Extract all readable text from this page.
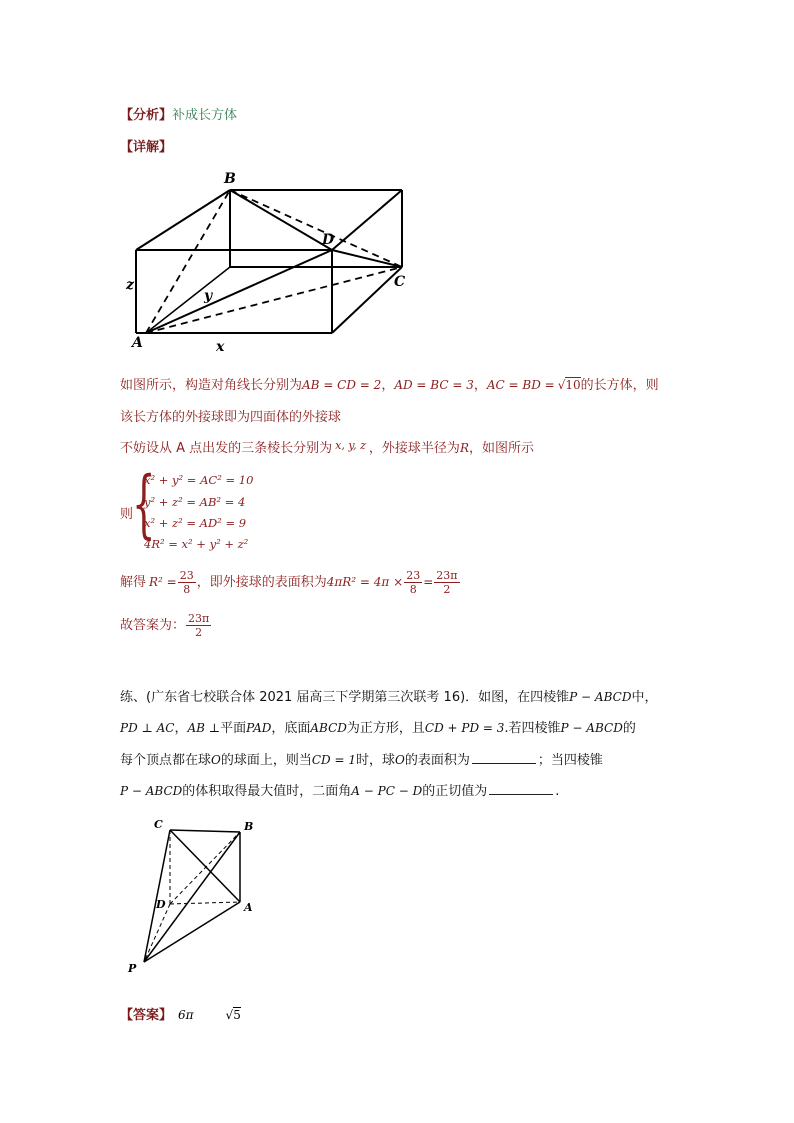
【分析】补成长方体
【详解】
B
D
C
A	x
y
z
如图所示，构造对角线长分别为AB = CD = 2，AD = BC = 3，AC = BD = √10的长方体，则
该长方体的外接球即为四面体的外接球
不妨设从 A 点出发的三条棱长分别为 $^{x, y, z}$ ，外接球半径为R，如图所示
则
{
x² + y² = AC² = 10
y² + z² = AB² = 4
x² + z² = AD² = 9
4R² = x² + y² + z²
解得 $R^2 = \frac{23}{8}$ ，即外接球的表面积为$4\pi R^2 = 4\pi \times \frac{23}{8} = \frac{23\pi}{2}$
故答案为： $\frac{23\pi}{2}$
练、(广东省七校联合体 2021 届高三下学期第三次联考 16)．如图，在四棱锥P − ABCD中，
PD ⊥ AC，AB ⊥平面PAD，底面ABCD为正方形，且CD + PD = 3.若四棱锥P − ABCD的
每个顶点都在球O的球面上，则当CD = 1时，球O的表面积为	；当四棱锥
P − ABCD的体积取得最大值时，二面角A − PC − D的正切值为	.
C	B
D	A
P
【答案】 6π	√5
